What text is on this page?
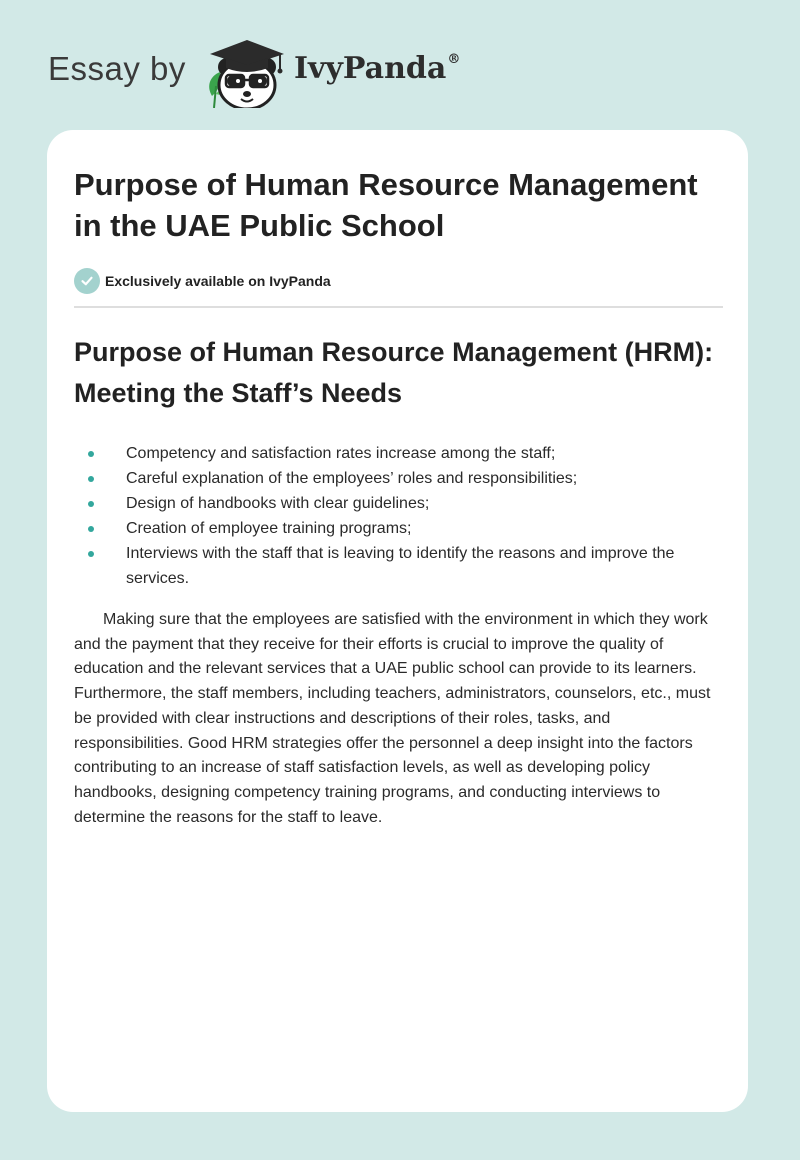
Essay by	IvyPanda®
Purpose of Human Resource Management in the UAE Public School
Exclusively available on IvyPanda
Purpose of Human Resource Management (HRM): Meeting the Staff’s Needs
Competency and satisfaction rates increase among the staff;
Careful explanation of the employees’ roles and responsibilities;
Design of handbooks with clear guidelines;
Creation of employee training programs;
Interviews with the staff that is leaving to identify the reasons and improve the services.

Making sure that the employees are satisfied with the environment in which they work and the payment that they receive for their efforts is crucial to improve the quality of education and the relevant services that a UAE public school can provide to its learners. Furthermore, the staff members, including teachers, administrators, counselors, etc., must be provided with clear instructions and descriptions of their roles, tasks, and responsibilities. Good HRM strategies offer the personnel a deep insight into the factors contributing to an increase of staff satisfaction levels, as well as developing policy handbooks, designing competency training programs, and conducting interviews to determine the reasons for the staff to leave.
